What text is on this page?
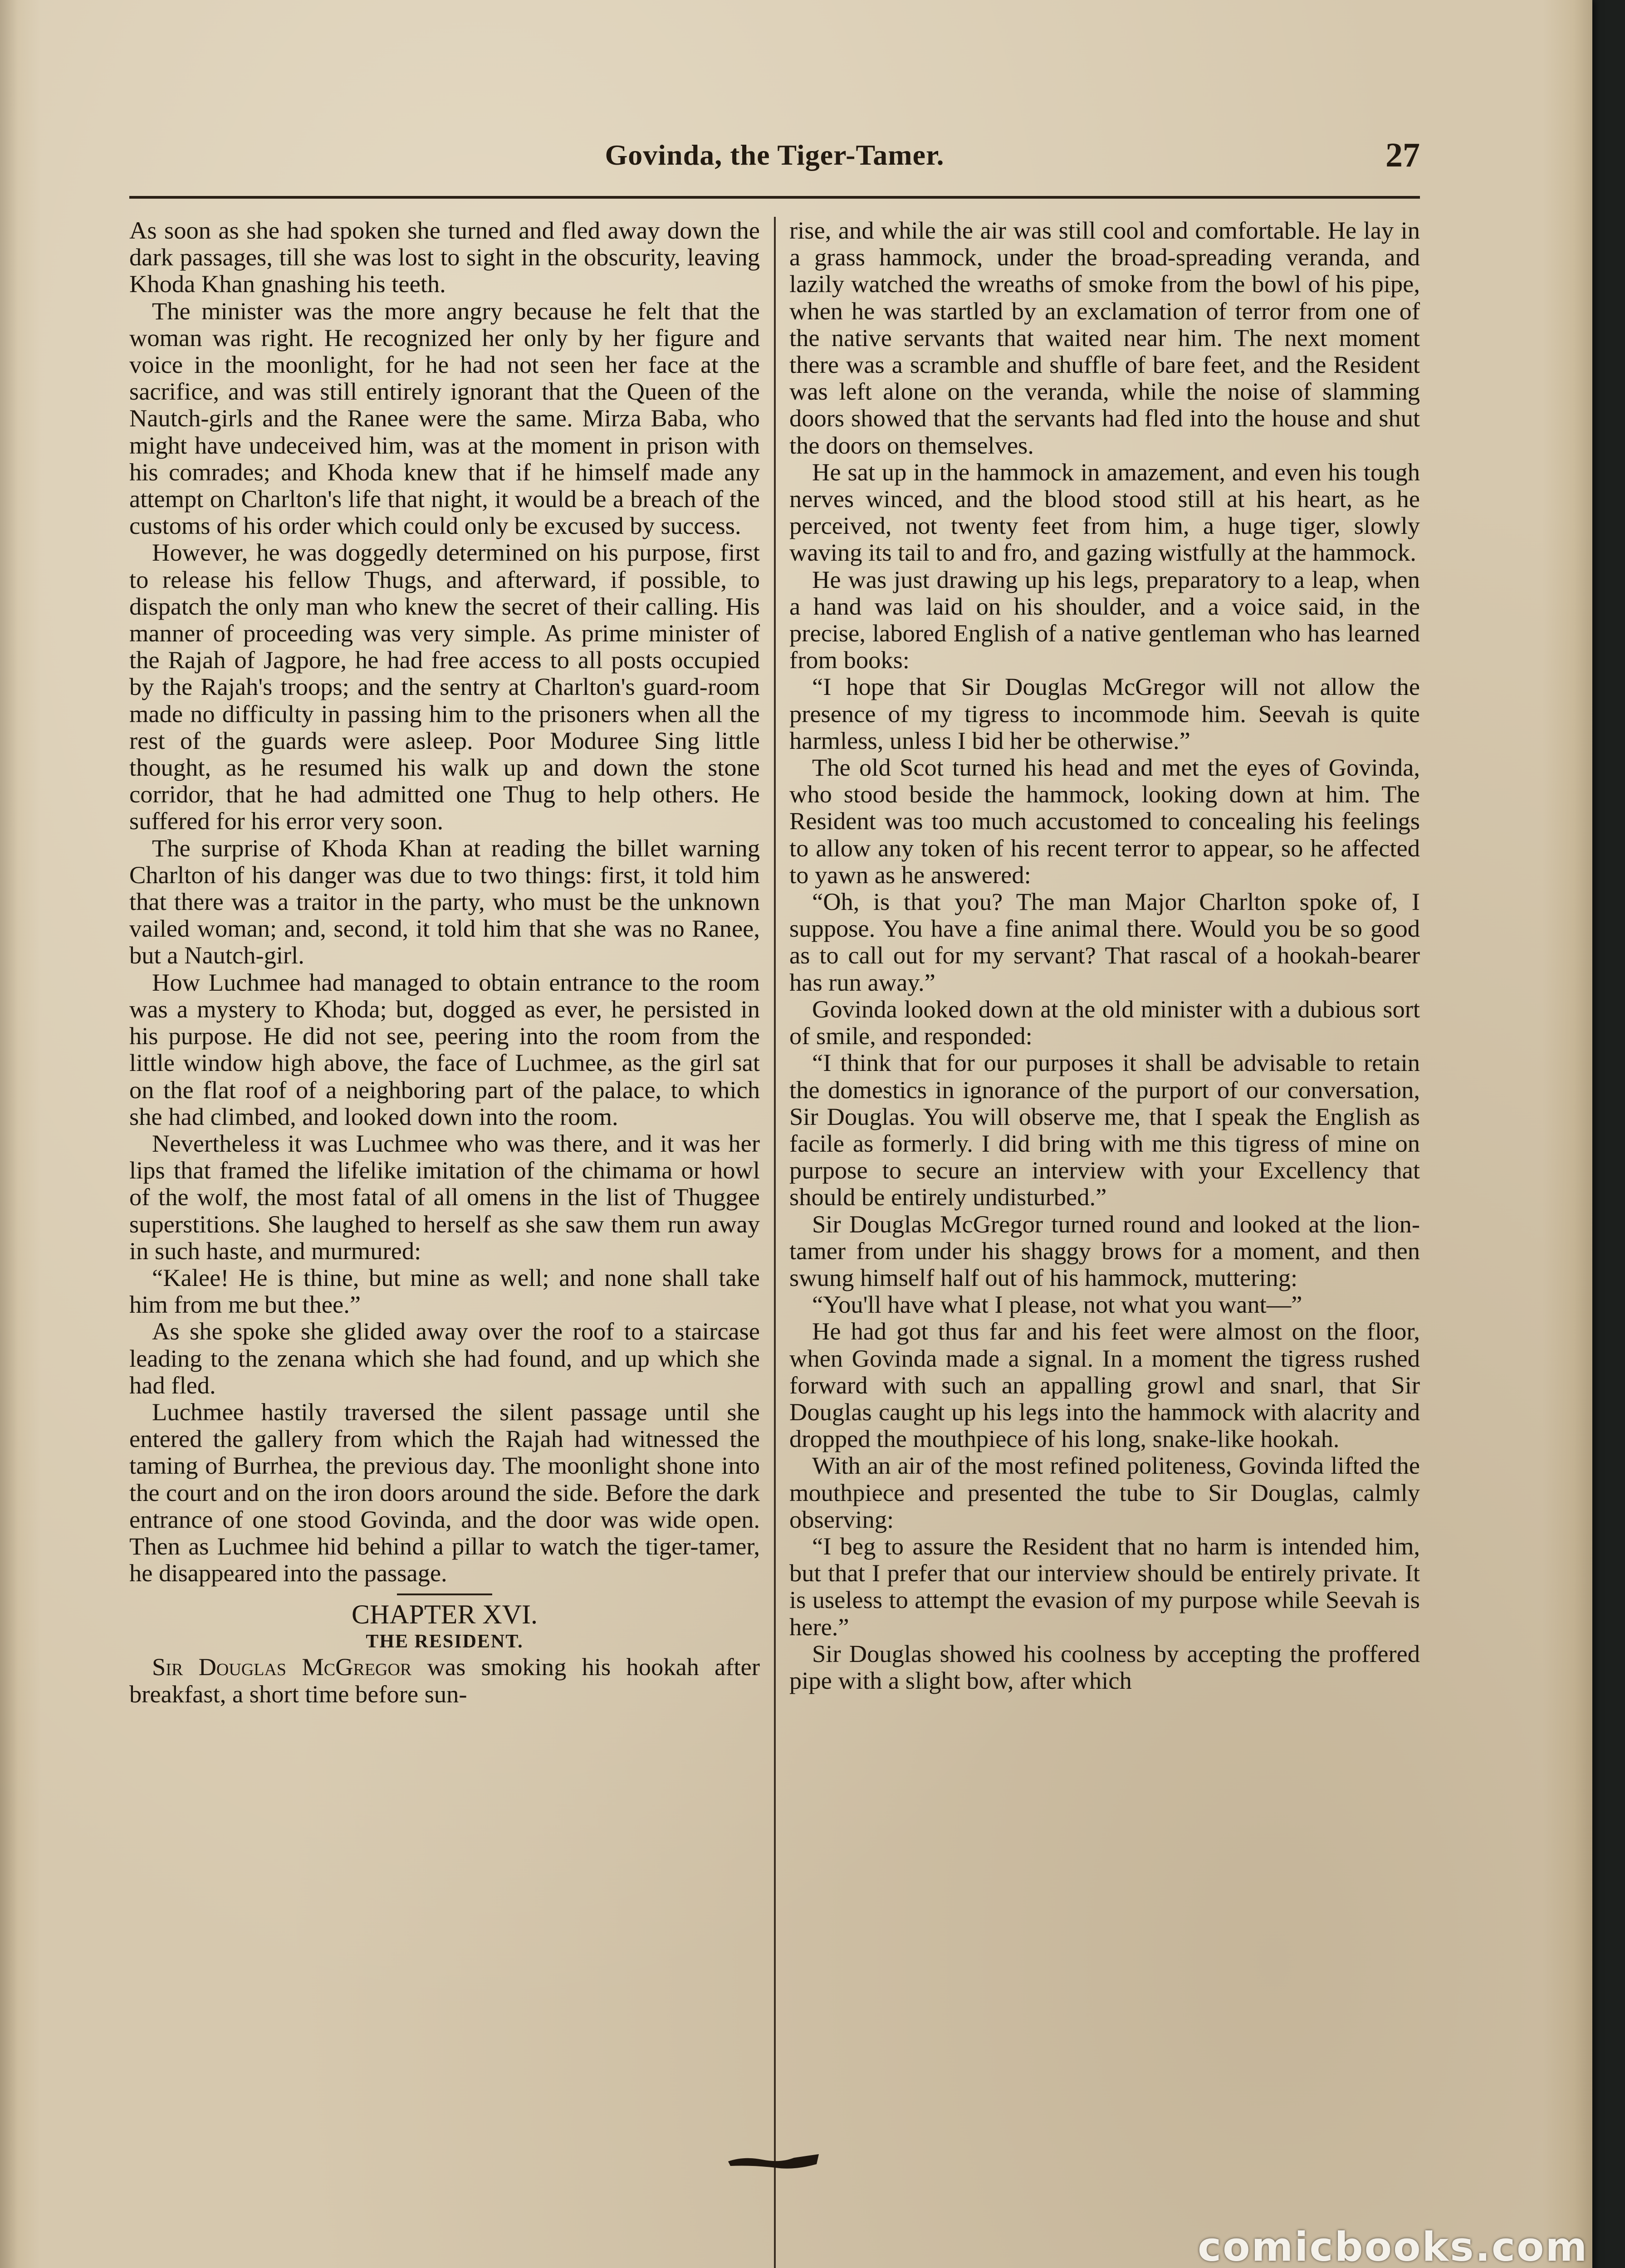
Govinda, the Tiger-Tamer.	27

As soon as she had spoken she turned and fled away down the dark passages, till she was lost to sight in the obscurity, leaving Khoda Khan gnashing his teeth.

The minister was the more angry because he felt that the woman was right. He recognized her only by her figure and voice in the moonlight, for he had not seen her face at the sacrifice, and was still entirely ignorant that the Queen of the Nautch-girls and the Ranee were the same. Mirza Baba, who might have undeceived him, was at the moment in prison with his comrades; and Khoda knew that if he himself made any attempt on Charlton's life that night, it would be a breach of the customs of his order which could only be excused by success.

However, he was doggedly determined on his purpose, first to release his fellow Thugs, and afterward, if possible, to dispatch the only man who knew the secret of their calling. His manner of proceeding was very simple. As prime minister of the Rajah of Jagpore, he had free access to all posts occupied by the Rajah's troops; and the sentry at Charlton's guard-room made no difficulty in passing him to the prisoners when all the rest of the guards were asleep. Poor Moduree Sing little thought, as he resumed his walk up and down the stone corridor, that he had admitted one Thug to help others. He suffered for his error very soon.

The surprise of Khoda Khan at reading the billet warning Charlton of his danger was due to two things: first, it told him that there was a traitor in the party, who must be the unknown vailed woman; and, second, it told him that she was no Ranee, but a Nautch-girl.

How Luchmee had managed to obtain entrance to the room was a mystery to Khoda; but, dogged as ever, he persisted in his purpose. He did not see, peering into the room from the little window high above, the face of Luchmee, as the girl sat on the flat roof of a neighboring part of the palace, to which she had climbed, and looked down into the room.

Nevertheless it was Luchmee who was there, and it was her lips that framed the lifelike imitation of the chimama or howl of the wolf, the most fatal of all omens in the list of Thuggee superstitions. She laughed to herself as she saw them run away in such haste, and murmured:

“Kalee! He is thine, but mine as well; and none shall take him from me but thee.”

As she spoke she glided away over the roof to a staircase leading to the zenana which she had found, and up which she had fled.

Luchmee hastily traversed the silent passage until she entered the gallery from which the Rajah had witnessed the taming of Burrhea, the previous day. The moonlight shone into the court and on the iron doors around the side. Before the dark entrance of one stood Govinda, and the door was wide open. Then as Luchmee hid behind a pillar to watch the tiger-tamer, he disappeared into the passage.

CHAPTER XVI.
THE RESIDENT.

Sir Douglas McGregor was smoking his hookah after breakfast, a short time before sun-

rise, and while the air was still cool and comfortable. He lay in a grass hammock, under the broad-spreading veranda, and lazily watched the wreaths of smoke from the bowl of his pipe, when he was startled by an exclamation of terror from one of the native servants that waited near him. The next moment there was a scramble and shuffle of bare feet, and the Resident was left alone on the veranda, while the noise of slamming doors showed that the servants had fled into the house and shut the doors on themselves.

He sat up in the hammock in amazement, and even his tough nerves winced, and the blood stood still at his heart, as he perceived, not twenty feet from him, a huge tiger, slowly waving its tail to and fro, and gazing wistfully at the hammock.

He was just drawing up his legs, preparatory to a leap, when a hand was laid on his shoulder, and a voice said, in the precise, labored English of a native gentleman who has learned from books:

“I hope that Sir Douglas McGregor will not allow the presence of my tigress to incommode him. Seevah is quite harmless, unless I bid her be otherwise.”

The old Scot turned his head and met the eyes of Govinda, who stood beside the hammock, looking down at him. The Resident was too much accustomed to concealing his feelings to allow any token of his recent terror to appear, so he affected to yawn as he answered:

“Oh, is that you? The man Major Charlton spoke of, I suppose. You have a fine animal there. Would you be so good as to call out for my servant? That rascal of a hookah-bearer has run away.”

Govinda looked down at the old minister with a dubious sort of smile, and responded:

“I think that for our purposes it shall be advisable to retain the domestics in ignorance of the purport of our conversation, Sir Douglas. You will observe me, that I speak the English as facile as formerly. I did bring with me this tigress of mine on purpose to secure an interview with your Excellency that should be entirely undisturbed.”

Sir Douglas McGregor turned round and looked at the lion-tamer from under his shaggy brows for a moment, and then swung himself half out of his hammock, muttering:

“You'll have what I please, not what you want—”

He had got thus far and his feet were almost on the floor, when Govinda made a signal. In a moment the tigress rushed forward with such an appalling growl and snarl, that Sir Douglas caught up his legs into the hammock with alacrity and dropped the mouthpiece of his long, snake-like hookah.

With an air of the most refined politeness, Govinda lifted the mouthpiece and presented the tube to Sir Douglas, calmly observing:

“I beg to assure the Resident that no harm is intended him, but that I prefer that our interview should be entirely private. It is useless to attempt the evasion of my purpose while Seevah is here.”

Sir Douglas showed his coolness by accepting the proffered pipe with a slight bow, after which

comicbooks.com
